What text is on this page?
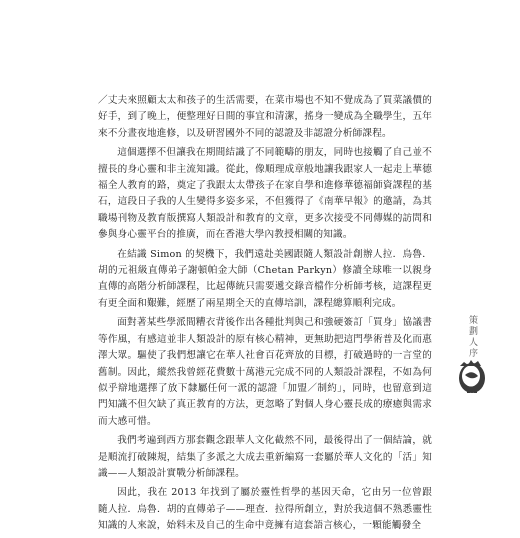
／丈夫來照顧太太和孩子的生活需要，在菜市場也不知不覺成為了買菜議價的好手，到了晚上，便整理好日間的事宜和清潔，搖身一變成為全職學生，五年來不分晝夜地進修，以及研習國外不同的認證及非認證分析師課程。

這個選擇不但讓我在期間結識了不同範疇的朋友，同時也接觸了自己並不擅長的身心靈和非主流知識。從此，像順理成章般地讓我跟家人一起走上華德福全人教育的路，奠定了我跟太太帶孩子在家自學和進修華德福師資課程的基石，這段日子我的人生變得多姿多采，不但獲得了《南華早報》的邀請，為其職場刊物及教育版撰寫人類設計和教育的文章，更多次接受不同傳媒的訪問和參與身心靈平台的推廣，而在香港大學內教授相關的知識。

在結識 Simon 的契機下，我們遠赴美國跟隨人類設計創辦人拉．烏魯．胡的元祖級直傳弟子謝頓帕金大師（Chetan Parkyn）修讀全球唯一以親身直傳的高階分析師課程，比起傳統只需要遞交錄音檔作分析師考核，這課程更有更全面和艱難，經歷了兩星期全天的直傳培訓，課程總算順利完成。

面對著某些學派間糟衣背後作出各種批判與己和強硬簽訂「買身」協議書等作風，有感這並非人類設計的原有核心精神，更無助把這門學術普及化而惠澤大眾。驅使了我們想讓它在華人社會百花齊放的目標，打破過時的一言堂的舊制。因此，縱然我曾經花費數十萬港元完成不同的人類設計課程，不如為何似乎辯地選擇了放下隸屬任何一派的認證「加盟／制約」，同時，也留意到這門知識不但欠缺了真正教育的方法，更忽略了對個人身心靈長成的療癒與需求而大感可惜。

我們考遍到西方那套觀念跟華人文化截然不同，最後得出了一個結論，就是順流打破陳規，結集了多派之大成去重新編寫一套屬於華人文化的「活」知識——人類設計實戰分析師課程。

因此，我在 2013 年找到了屬於靈性哲學的基因天命，它由另一位曾跟隨人拉．烏魯．胡的直傳弟子——理查．拉得所創立，對於我這個不熟悉靈性知識的人來說，始料未及自己的生命中竟擁有這套語言核心，一顆能觸發全

策劃人序
